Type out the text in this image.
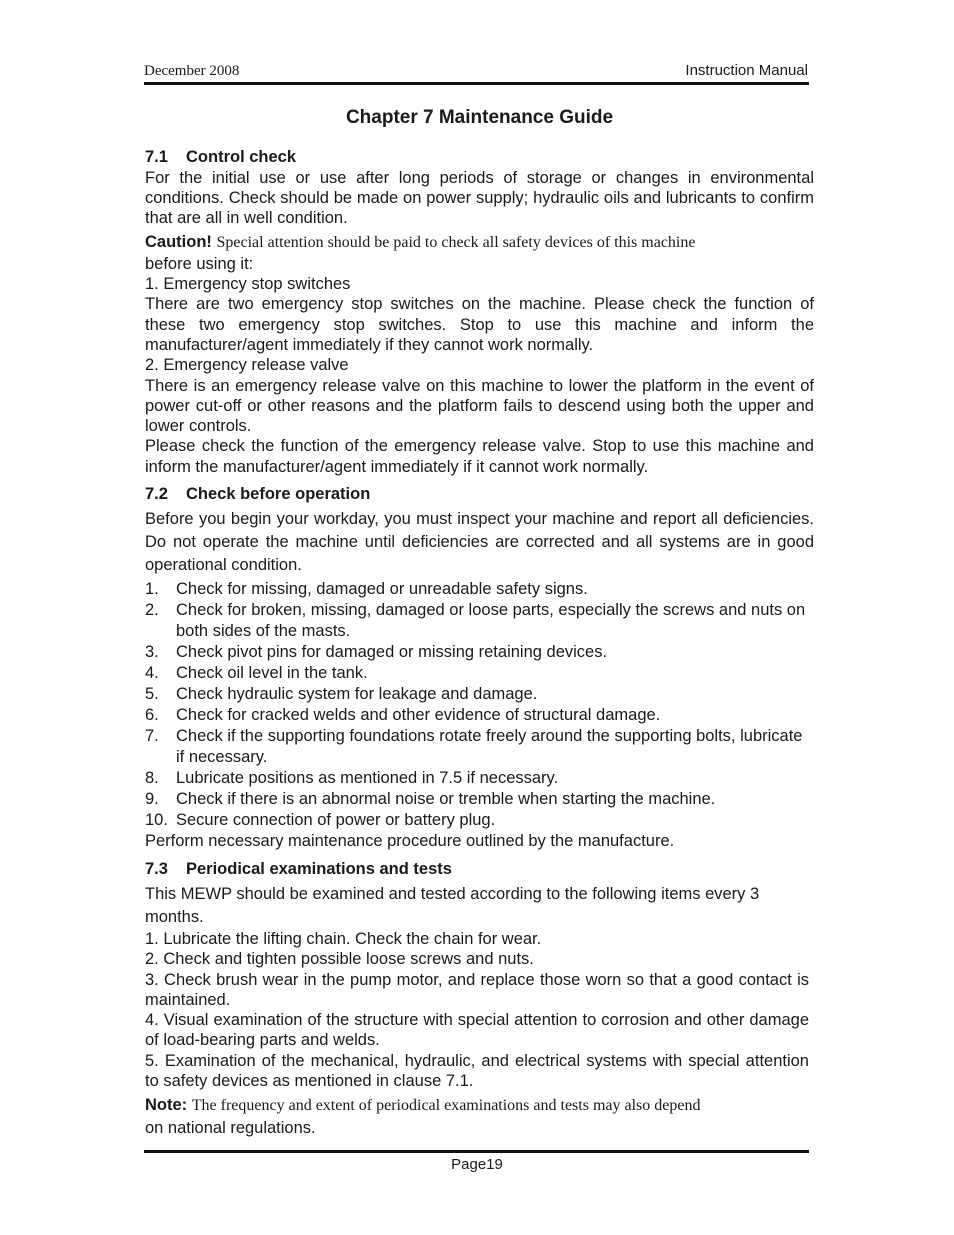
December 2008	Instruction Manual
Chapter 7 Maintenance Guide
7.1 Control check

For the initial use or use after long periods of storage or changes in environmental conditions. Check should be made on power supply; hydraulic oils and lubricants to confirm that are all in well condition.

Caution! Special attention should be paid to check all safety devices of this machine

before using it:

1. Emergency stop switches

There are two emergency stop switches on the machine. Please check the function of these two emergency stop switches. Stop to use this machine and inform the manufacturer/agent immediately if they cannot work normally.

2. Emergency release valve

There is an emergency release valve on this machine to lower the platform in the event of power cut-off or other reasons and the platform fails to descend using both the upper and lower controls.

Please check the function of the emergency release valve. Stop to use this machine and inform the manufacturer/agent immediately if it cannot work normally.

7.2 Check before operation

Before you begin your workday, you must inspect your machine and report all deficiencies. Do not operate the machine until deficiencies are corrected and all systems are in good operational condition.

1.	Check for missing, damaged or unreadable safety signs.
2.	Check for broken, missing, damaged or loose parts, especially the screws and nuts on both sides of the masts.
3.	Check pivot pins for damaged or missing retaining devices.
4.	Check oil level in the tank.
5.	Check hydraulic system for leakage and damage.
6.	Check for cracked welds and other evidence of structural damage.
7.	Check if the supporting foundations rotate freely around the supporting bolts, lubricate if necessary.
8.	Lubricate positions as mentioned in 7.5 if necessary.
9.	Check if there is an abnormal noise or tremble when starting the machine.
10. Secure connection of power or battery plug.

Perform necessary maintenance procedure outlined by the manufacture.

7.3 Periodical examinations and tests

This MEWP should be examined and tested according to the following items every 3 months.

1. Lubricate the lifting chain. Check the chain for wear.

2. Check and tighten possible loose screws and nuts.

3. Check brush wear in the pump motor, and replace those worn so that a good contact is maintained.

4. Visual examination of the structure with special attention to corrosion and other damage of load-bearing parts and welds.

5. Examination of the mechanical, hydraulic, and electrical systems with special attention to safety devices as mentioned in clause 7.1.

Note: The frequency and extent of periodical examinations and tests may also depend

on national regulations.

Page19
